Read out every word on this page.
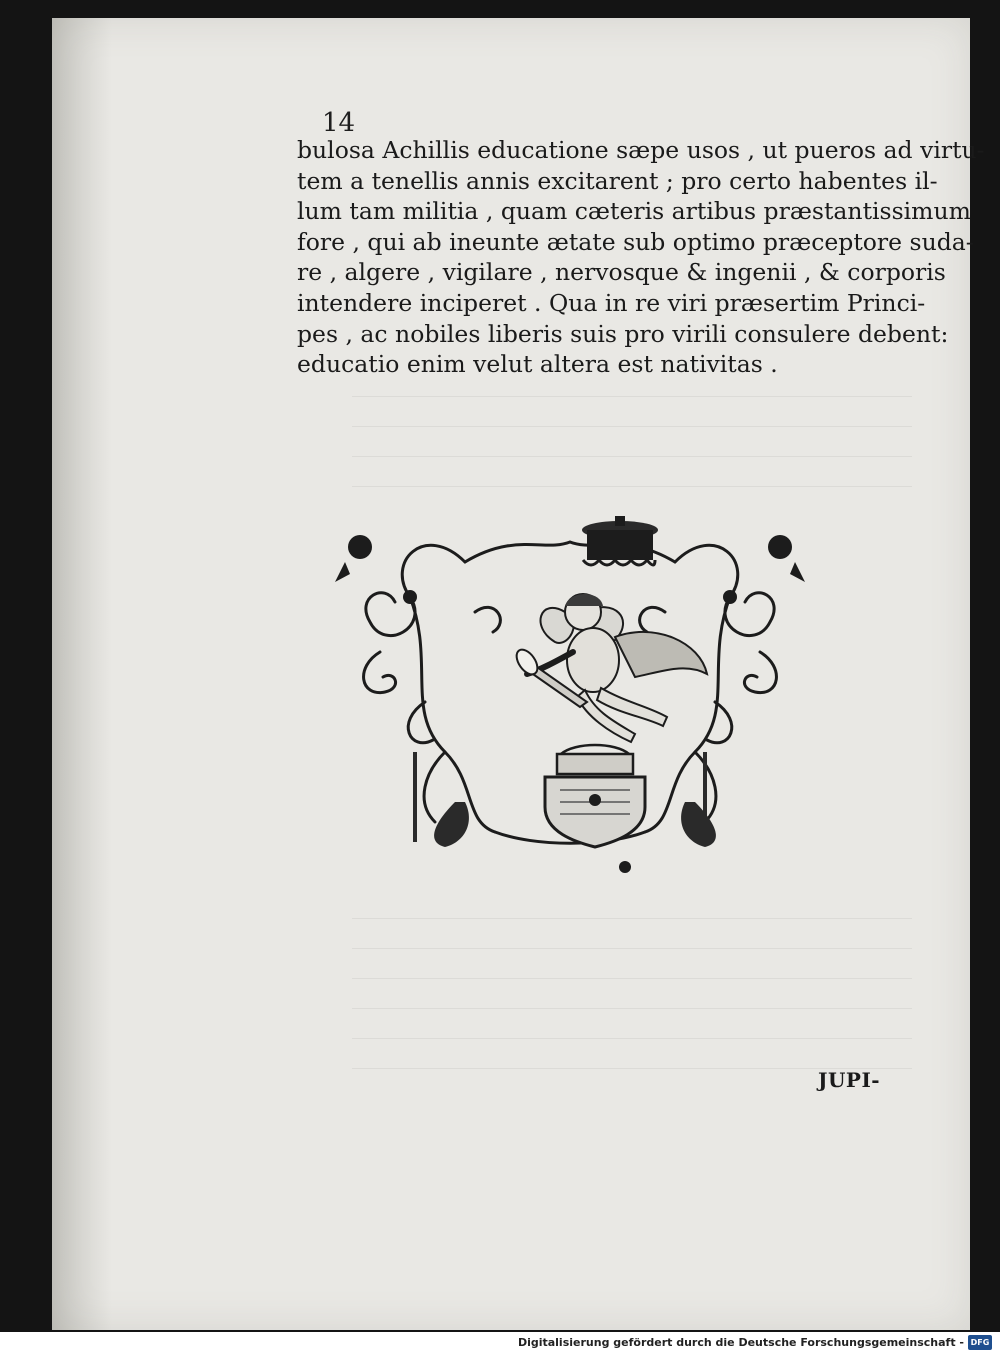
14
bulosa Achillis educatione sæpe usos , ut pueros ad virtu-
tem a tenellis annis excitarent ; pro certo habentes il-
lum tam militia , quam cæteris artibus præstantissimum
fore , qui ab ineunte ætate sub optimo præceptore suda-
re , algere , vigilare , nervosque & ingenii , & corporis
intendere inciperet . Qua in re viri præsertim Princi-
pes , ac nobiles liberis suis pro virili consulere debent:
educatio enim velut altera est nativitas .
JUPI-
Digitalisierung gefördert durch die Deutsche Forschungsgemeinschaft - DFG
